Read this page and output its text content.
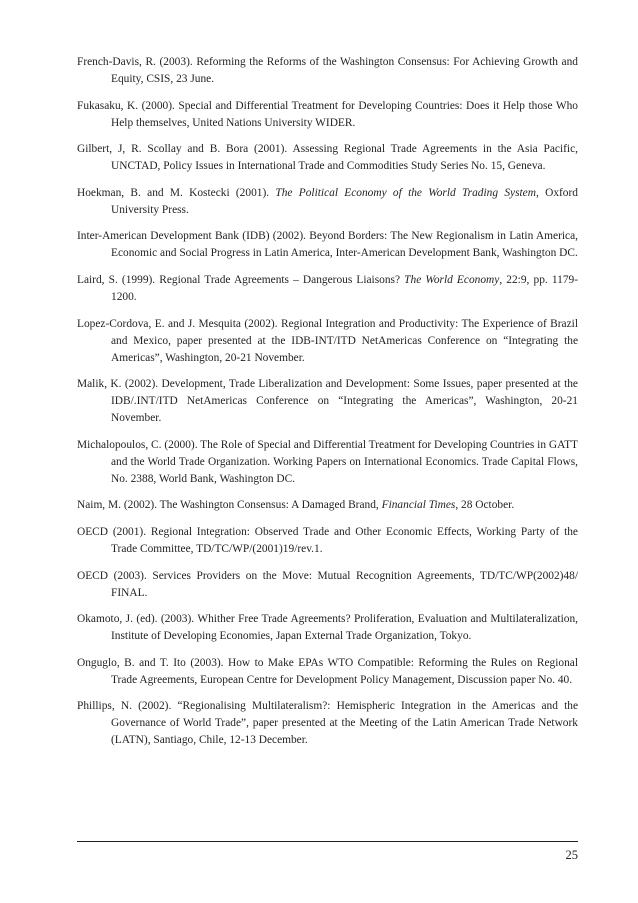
French-Davis, R. (2003). Reforming the Reforms of the Washington Consensus: For Achieving Growth and Equity, CSIS, 23 June.
Fukasaku, K. (2000). Special and Differential Treatment for Developing Countries: Does it Help those Who Help themselves, United Nations University WIDER.
Gilbert, J, R. Scollay and B. Bora (2001). Assessing Regional Trade Agreements in the Asia Pacific, UNCTAD, Policy Issues in International Trade and Commodities Study Series No. 15, Geneva.
Hoekman, B. and M. Kostecki (2001). The Political Economy of the World Trading System, Oxford University Press.
Inter-American Development Bank (IDB) (2002). Beyond Borders: The New Regionalism in Latin America, Economic and Social Progress in Latin America, Inter-American Development Bank, Washington DC.
Laird, S. (1999). Regional Trade Agreements – Dangerous Liaisons? The World Economy, 22:9, pp. 1179-1200.
Lopez-Cordova, E. and J. Mesquita (2002). Regional Integration and Productivity: The Experience of Brazil and Mexico, paper presented at the IDB-INT/ITD NetAmericas Conference on “Integrating the Americas”, Washington, 20-21 November.
Malik, K. (2002). Development, Trade Liberalization and Development: Some Issues, paper presented at the IDB/.INT/ITD NetAmericas Conference on “Integrating the Americas”, Washington, 20-21 November.
Michalopoulos, C. (2000). The Role of Special and Differential Treatment for Developing Countries in GATT and the World Trade Organization. Working Papers on International Economics. Trade Capital Flows, No. 2388, World Bank, Washington DC.
Naim, M. (2002). The Washington Consensus: A Damaged Brand, Financial Times, 28 October.
OECD (2001). Regional Integration: Observed Trade and Other Economic Effects, Working Party of the Trade Committee, TD/TC/WP/(2001)19/rev.1.
OECD (2003). Services Providers on the Move: Mutual Recognition Agreements, TD/TC/WP(2002)48/ FINAL.
Okamoto, J. (ed). (2003). Whither Free Trade Agreements? Proliferation, Evaluation and Multilateralization, Institute of Developing Economies, Japan External Trade Organization, Tokyo.
Onguglo, B. and T. Ito (2003). How to Make EPAs WTO Compatible: Reforming the Rules on Regional Trade Agreements, European Centre for Development Policy Management, Discussion paper No. 40.
Phillips, N. (2002). “Regionalising Multilateralism?: Hemispheric Integration in the Americas and the Governance of World Trade”, paper presented at the Meeting of the Latin American Trade Network (LATN), Santiago, Chile, 12-13 December.
25
